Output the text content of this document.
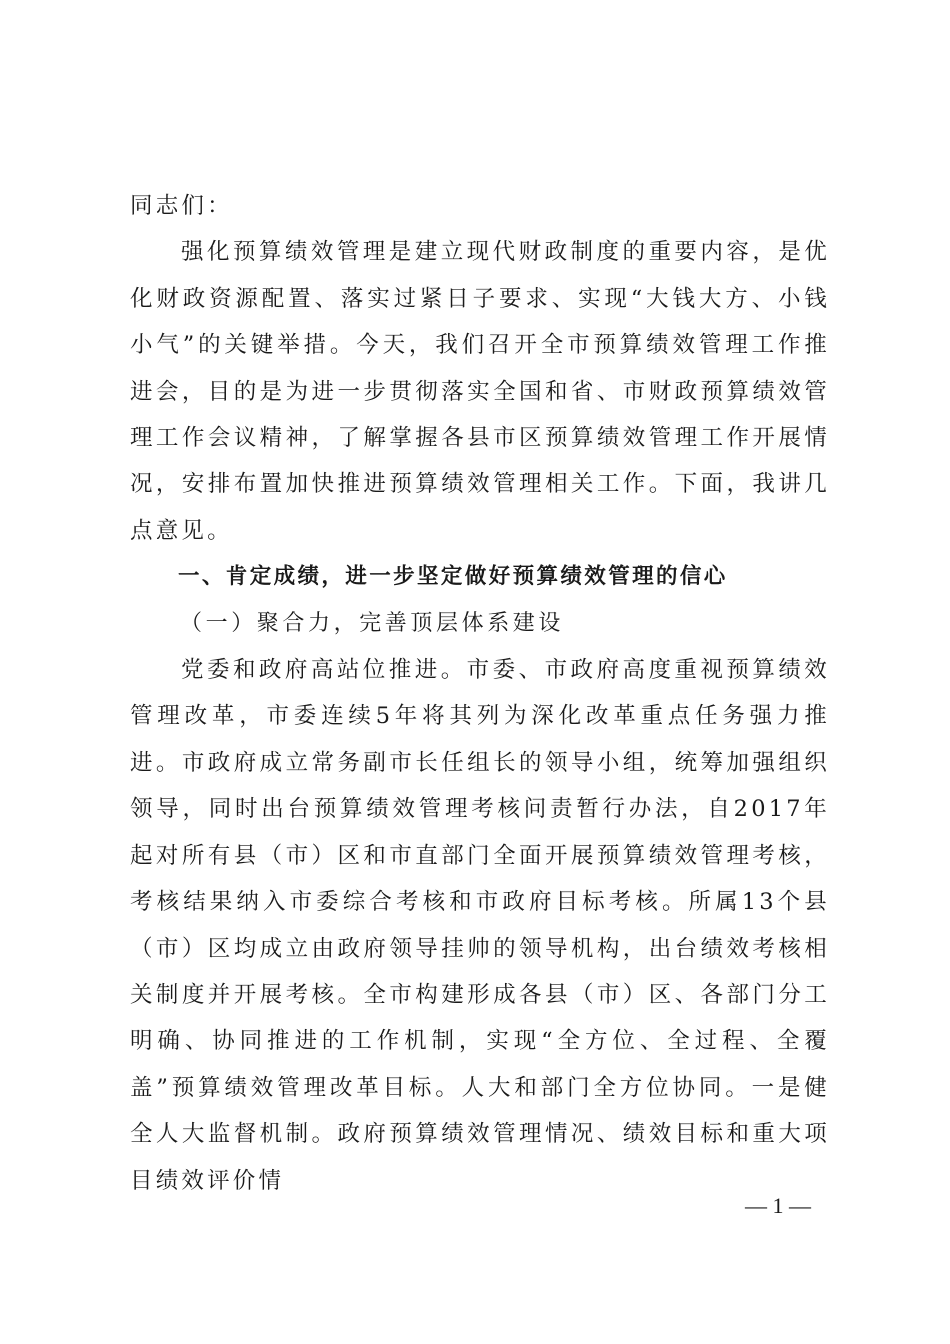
同志们：

强化预算绩效管理是建立现代财政制度的重要内容，是优化财政资源配置、落实过紧日子要求、实现“大钱大方、小钱小气”的关键举措。今天，我们召开全市预算绩效管理工作推进会，目的是为进一步贯彻落实全国和省、市财政预算绩效管理工作会议精神，了解掌握各县市区预算绩效管理工作开展情况，安排布置加快推进预算绩效管理相关工作。下面，我讲几点意见。

一、肯定成绩，进一步坚定做好预算绩效管理的信心

（一）聚合力，完善顶层体系建设

党委和政府高站位推进。市委、市政府高度重视预算绩效管理改革，市委连续5年将其列为深化改革重点任务强力推进。市政府成立常务副市长任组长的领导小组，统筹加强组织领导，同时出台预算绩效管理考核问责暂行办法，自2017年起对所有县（市）区和市直部门全面开展预算绩效管理考核，考核结果纳入市委综合考核和市政府目标考核。所属13个县（市）区均成立由政府领导挂帅的领导机构，出台绩效考核相关制度并开展考核。全市构建形成各县（市）区、各部门分工明确、协同推进的工作机制，实现“全方位、全过程、全覆盖”预算绩效管理改革目标。人大和部门全方位协同。一是健全人大监督机制。政府预算绩效管理情况、绩效目标和重大项目绩效评价情

— 1 —
